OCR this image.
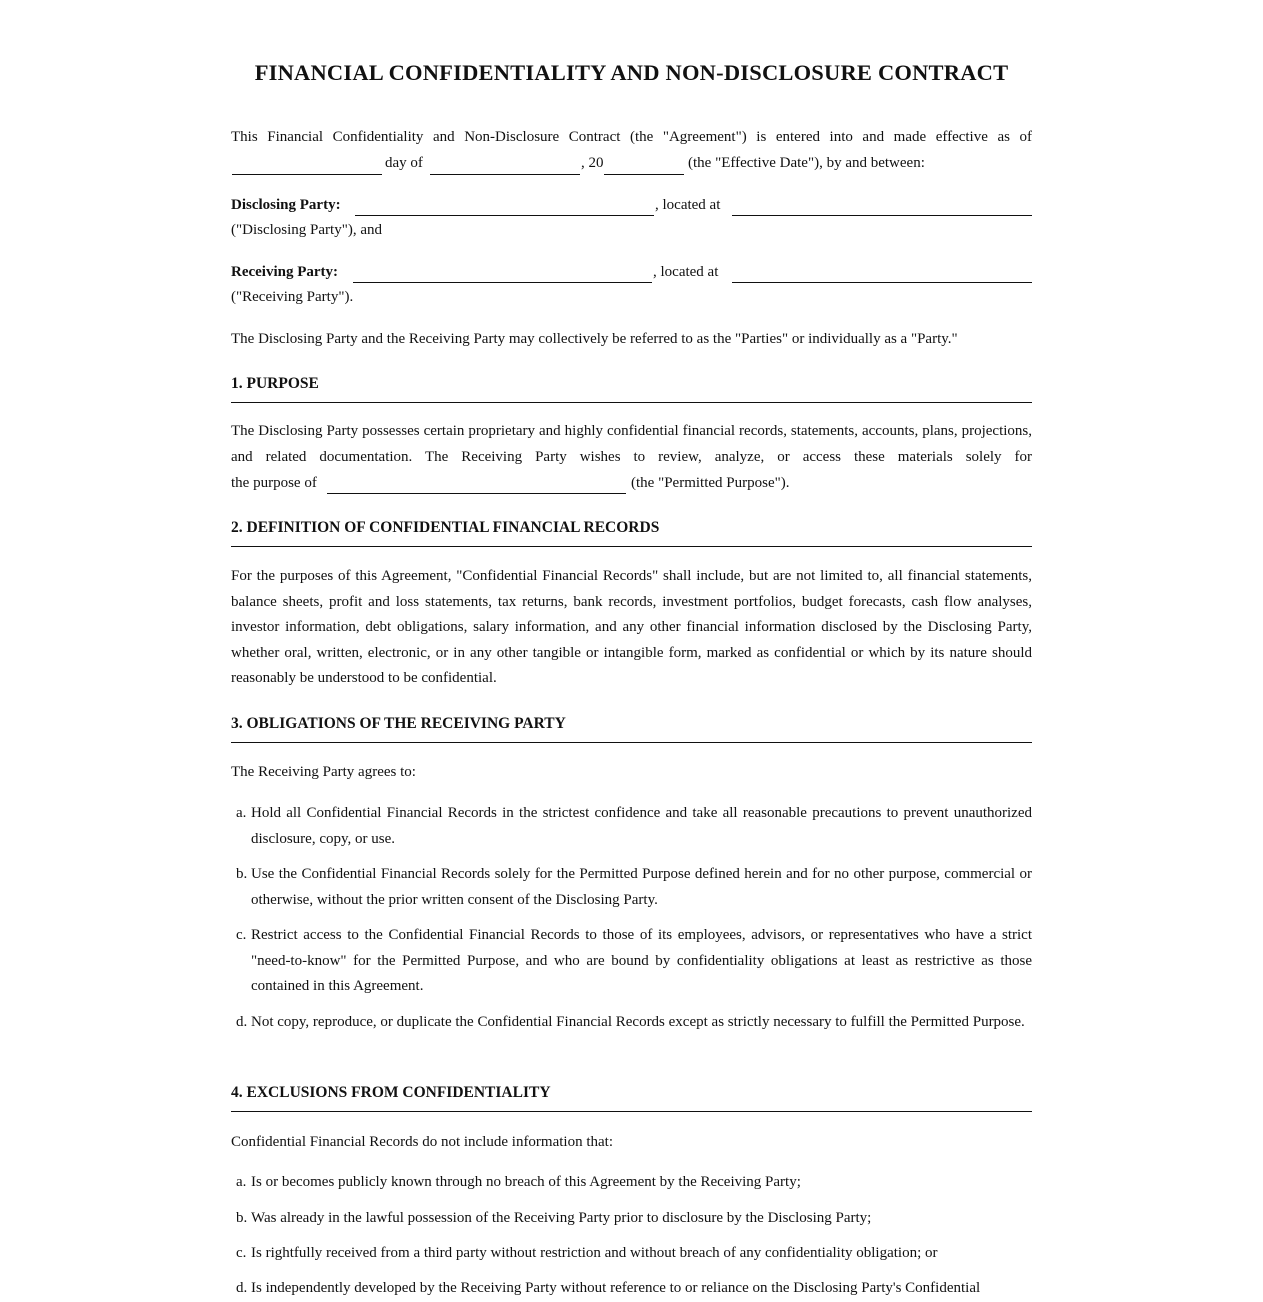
FINANCIAL CONFIDENTIALITY AND NON-DISCLOSURE CONTRACT
This Financial Confidentiality and Non-Disclosure Contract (the "Agreement") is entered into and made effective as of
day of	, 20	(the "Effective Date"), by and between:
Disclosing Party:	, located at
("Disclosing Party"), and
Receiving Party:	, located at
("Receiving Party").
The Disclosing Party and the Receiving Party may collectively be referred to as the "Parties" or individually as a "Party."
1. PURPOSE
The Disclosing Party possesses certain proprietary and highly confidential financial records, statements, accounts, plans, projections, and related documentation. The Receiving Party wishes to review, analyze, or access these materials solely for
the purpose of	(the "Permitted Purpose").
2. DEFINITION OF CONFIDENTIAL FINANCIAL RECORDS
For the purposes of this Agreement, "Confidential Financial Records" shall include, but are not limited to, all financial statements, balance sheets, profit and loss statements, tax returns, bank records, investment portfolios, budget forecasts, cash flow analyses, investor information, debt obligations, salary information, and any other financial information disclosed by the Disclosing Party, whether oral, written, electronic, or in any other tangible or intangible form, marked as confidential or which by its nature should reasonably be understood to be confidential.
3. OBLIGATIONS OF THE RECEIVING PARTY
The Receiving Party agrees to:
a. Hold all Confidential Financial Records in the strictest confidence and take all reasonable precautions to prevent unauthorized disclosure, copy, or use.
b. Use the Confidential Financial Records solely for the Permitted Purpose defined herein and for no other purpose, commercial or otherwise, without the prior written consent of the Disclosing Party.
c. Restrict access to the Confidential Financial Records to those of its employees, advisors, or representatives who have a strict "need-to-know" for the Permitted Purpose, and who are bound by confidentiality obligations at least as restrictive as those contained in this Agreement.
d. Not copy, reproduce, or duplicate the Confidential Financial Records except as strictly necessary to fulfill the Permitted Purpose.
4. EXCLUSIONS FROM CONFIDENTIALITY
Confidential Financial Records do not include information that:
a. Is or becomes publicly known through no breach of this Agreement by the Receiving Party;
b. Was already in the lawful possession of the Receiving Party prior to disclosure by the Disclosing Party;
c. Is rightfully received from a third party without restriction and without breach of any confidentiality obligation; or
d. Is independently developed by the Receiving Party without reference to or reliance on the Disclosing Party's Confidential
